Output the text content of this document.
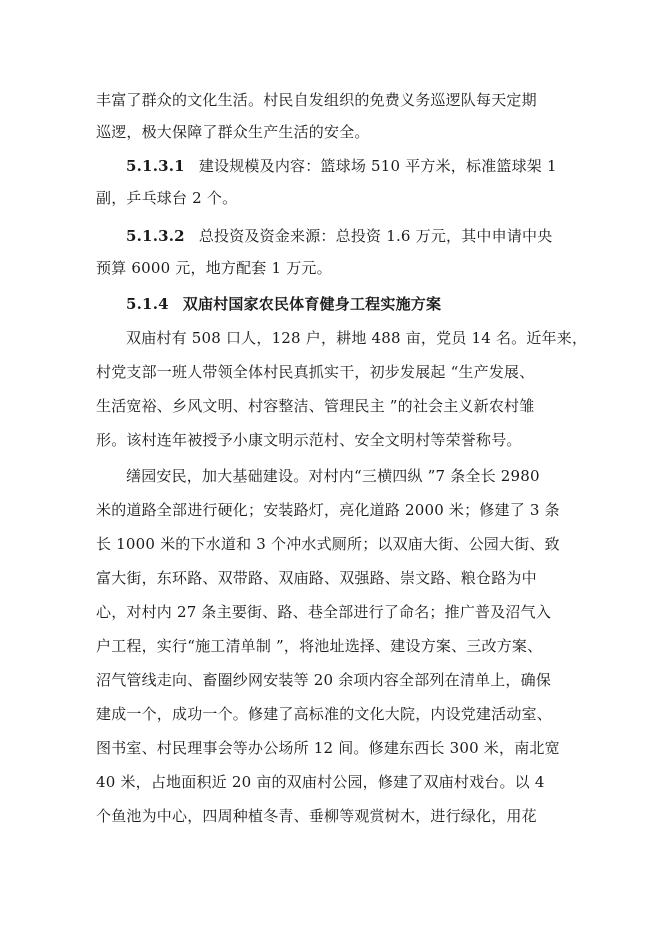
丰富了群众的文化生活。村民自发组织的免费义务巡逻队每天定期
巡逻，极大保障了群众生产生活的安全。
5.1.3.1 建设规模及内容：篮球场 510 平方米，标准篮球架 1
副，乒乓球台 2 个。
5.1.3.2 总投资及资金来源：总投资 1.6 万元，其中申请中央
预算 6000 元，地方配套 1 万元。
5.1.4 双庙村国家农民体育健身工程实施方案
双庙村有 508 口人，128 户，耕地 488 亩，党员 14 名。近年来，
村党支部一班人带领全体村民真抓实干，初步发展起 “生产发展、
生活宽裕、乡风文明、村容整洁、管理民主 ”的社会主义新农村雏
形。该村连年被授予小康文明示范村、安全文明村等荣誉称号。
缮园安民，加大基础建设。对村内“三横四纵 ”7 条全长 2980
米的道路全部进行硬化；安装路灯，亮化道路 2000 米；修建了 3 条
长 1000 米的下水道和 3 个冲水式厕所；以双庙大街、公园大街、致
富大街，东环路、双带路、双庙路、双强路、崇文路、粮仓路为中
心，对村内 27 条主要街、路、巷全部进行了命名；推广普及沼气入
户工程，实行“施工清单制 ”，将池址选择、建设方案、三改方案、
沼气管线走向、畜圈纱网安装等 20 余项内容全部列在清单上，确保
建成一个，成功一个。修建了高标准的文化大院，内设党建活动室、
图书室、村民理事会等办公场所 12 间。修建东西长 300 米，南北宽
40 米，占地面积近 20 亩的双庙村公园，修建了双庙村戏台。以 4
个鱼池为中心，四周种植冬青、垂柳等观赏树木，进行绿化，用花
